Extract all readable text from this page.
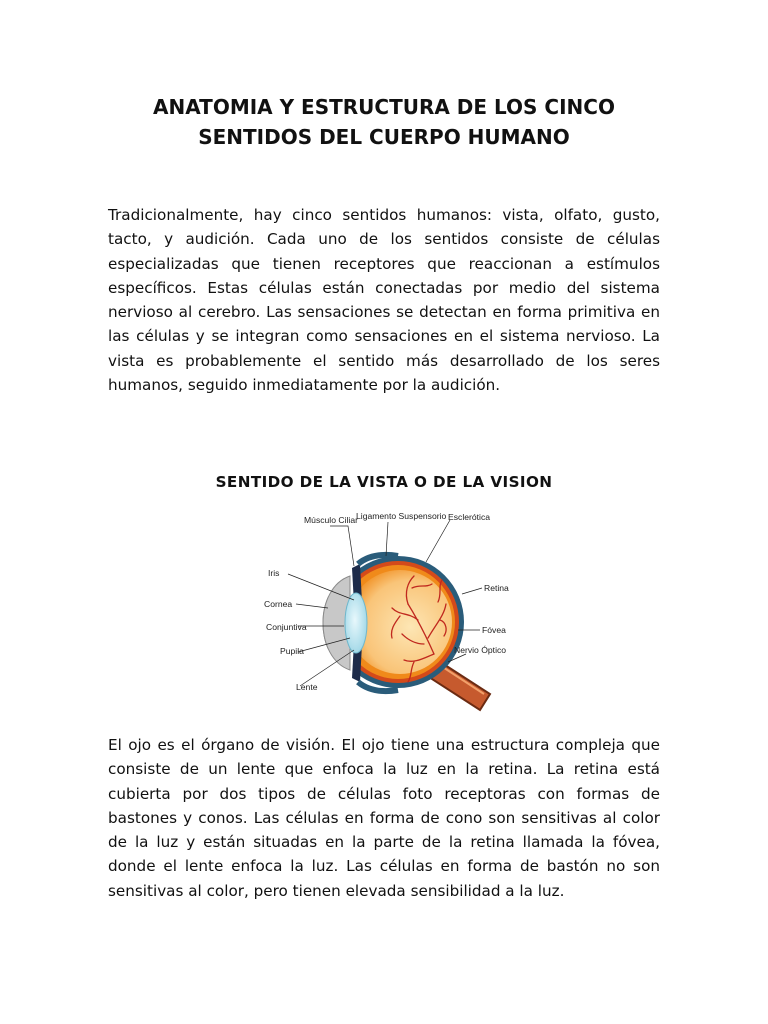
ANATOMIA Y ESTRUCTURA DE LOS CINCO
SENTIDOS DEL CUERPO HUMANO

Tradicionalmente, hay cinco sentidos humanos: vista, olfato, gusto, tacto, y audición. Cada uno de los sentidos consiste de células especializadas que tienen receptores que reaccionan a estímulos específicos. Estas células están conectadas por medio del sistema nervioso al cerebro. Las sensaciones se detectan en forma primitiva en las células y se integran como sensaciones en el sistema nervioso. La vista es probablemente el sentido más desarrollado de los seres humanos, seguido inmediatamente por la audición.

SENTIDO DE LA VISTA O DE LA VISION
Músculo Ciliar
Ligamento Suspensorio Esclerótica
Iris
Cornea
Conjuntiva
Pupila
Lente
Retina
Fóvea
Nervio Óptico

El ojo es el órgano de visión. El ojo tiene una estructura compleja que consiste de un lente que enfoca la luz en la retina. La retina está cubierta por dos tipos de células foto receptoras con formas de bastones y conos. Las células en forma de cono son sensitivas al color de la luz y están situadas en la parte de la retina llamada la fóvea, donde el lente enfoca la luz. Las células en forma de bastón no son sensitivas al color, pero tienen elevada sensibilidad a la luz.
